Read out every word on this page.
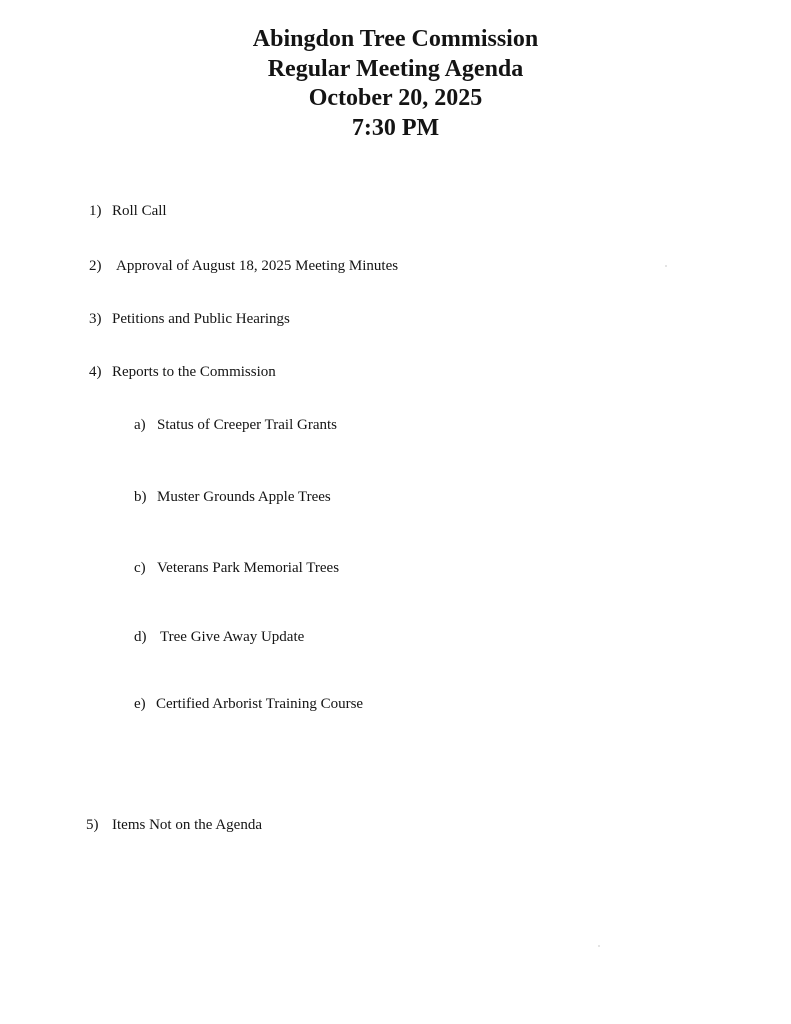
Abingdon Tree Commission
Regular Meeting Agenda
October 20, 2025
7:30 PM
1) Roll Call
2) Approval of August 18, 2025 Meeting Minutes
3) Petitions and Public Hearings
4) Reports to the Commission
a) Status of Creeper Trail Grants
b) Muster Grounds Apple Trees
c) Veterans Park Memorial Trees
d) Tree Give Away Update
e) Certified Arborist Training Course
5) Items Not on the Agenda
